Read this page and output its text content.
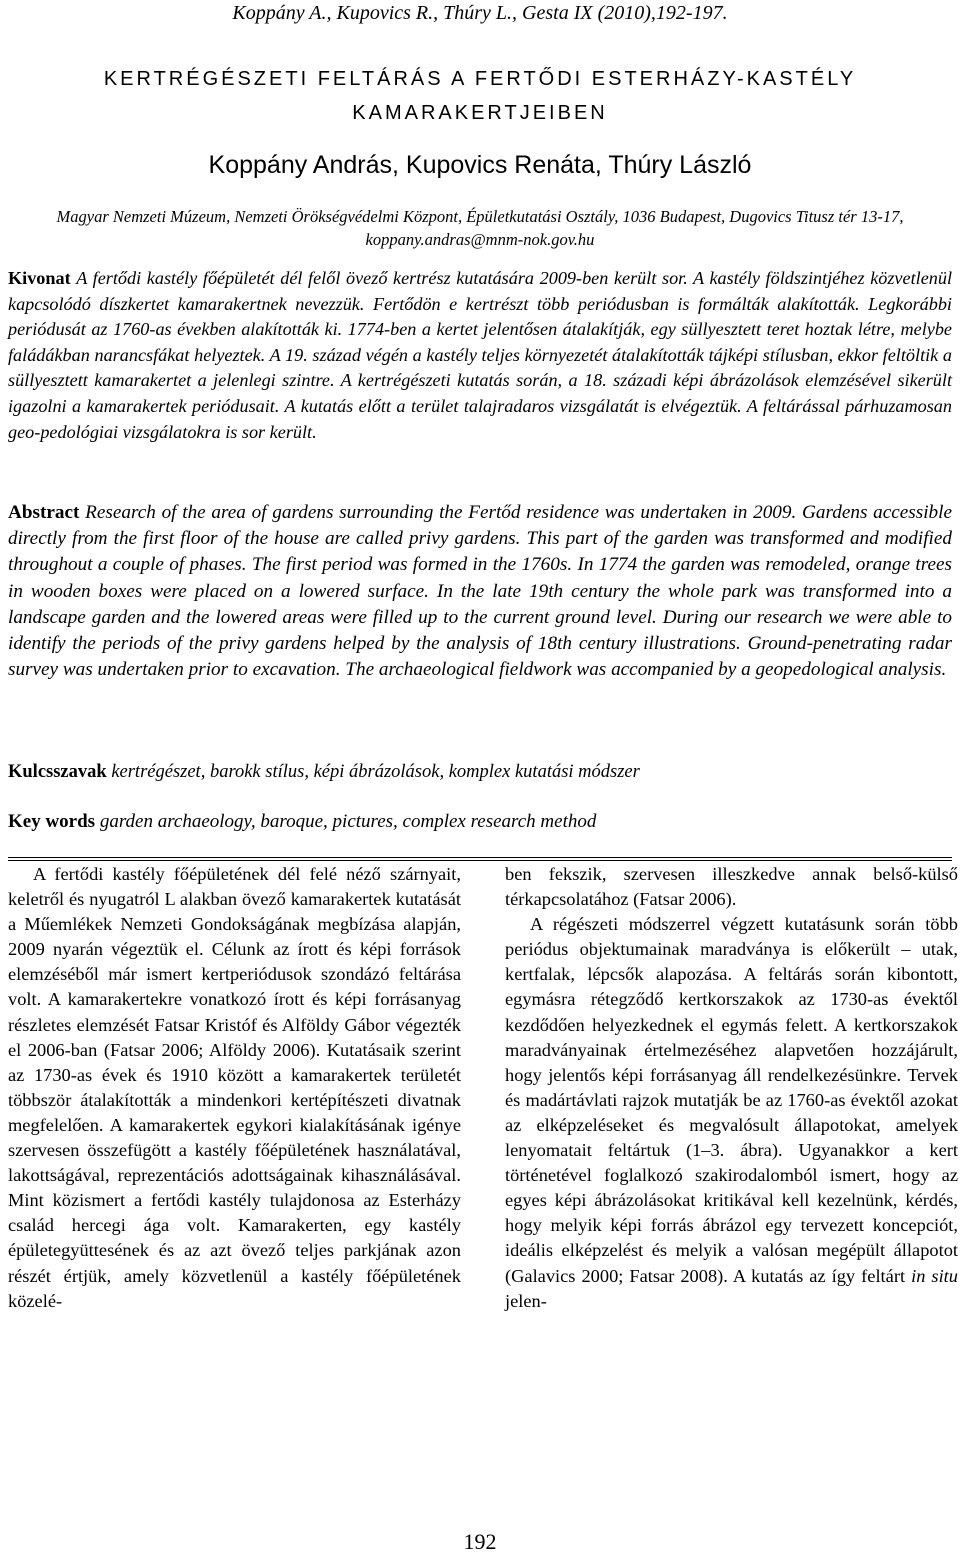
Koppány A., Kupovics R., Thúry L., Gesta IX (2010),192-197.
KERTRÉGÉSZETI FELTÁRÁS A FERTŐDI ESTERHÁZY-KASTÉLY
KAMARAKERTJEIBEN
Koppány András, Kupovics Renáta, Thúry László
Magyar Nemzeti Múzeum, Nemzeti Örökségvédelmi Központ, Épületkutatási Osztály, 1036 Budapest, Dugovics Titusz tér 13-17,
koppany.andras@mnm-nok.gov.hu
Kivonat A fertődi kastély főépületét dél felől övező kertrész kutatására 2009-ben került sor. A kastély földszintjéhez közvetlenül kapcsolódó díszkertet kamarakertnek nevezzük. Fertődön e kertrészt több periódusban is formálták alakították. Legkorábbi periódusát az 1760-as években alakították ki. 1774-ben a kertet jelentősen átalakítják, egy süllyesztett teret hoztak létre, melybe faládákban narancsfákat helyeztek. A 19. század végén a kastély teljes környezetét átalakították tájképi stílusban, ekkor feltöltik a süllyesztett kamarakertet a jelenlegi szintre. A kertrégészeti kutatás során, a 18. századi képi ábrázolások elemzésével sikerült igazolni a kamarakertek periódusait. A kutatás előtt a terület talajradaros vizsgálatát is elvégeztük. A feltárással párhuzamosan geo-pedológiai vizsgálatokra is sor került.
Abstract Research of the area of gardens surrounding the Fertőd residence was undertaken in 2009. Gardens accessible directly from the first floor of the house are called privy gardens. This part of the garden was transformed and modified throughout a couple of phases. The first period was formed in the 1760s. In 1774 the garden was remodeled, orange trees in wooden boxes were placed on a lowered surface. In the late 19th century the whole park was transformed into a landscape garden and the lowered areas were filled up to the current ground level. During our research we were able to identify the periods of the privy gardens helped by the analysis of 18th century illustrations. Ground-penetrating radar survey was undertaken prior to excavation. The archaeological fieldwork was accompanied by a geopedological analysis.
Kulcsszavak kertrégészet, barokk stílus, képi ábrázolások, komplex kutatási módszer
Key words garden archaeology, baroque, pictures, complex research method

A fertődi kastély főépületének dél felé néző szárnyait, keletről és nyugatról L alakban övező kamarakertek kutatását a Műemlékek Nemzeti Gondokságának megbízása alapján, 2009 nyarán végeztük el. Célunk az írott és képi források elemzéséből már ismert kertperiódusok szondázó feltárása volt. A kamarakertekre vonatkozó írott és képi forrásanyag részletes elemzését Fatsar Kristóf és Alföldy Gábor végezték el 2006-ban (Fatsar 2006; Alföldy 2006). Kutatásaik szerint az 1730-as évek és 1910 között a kamarakertek területét többször átalakították a mindenkori kertépítészeti divatnak megfelelően. A kamarakertek egykori kialakításának igénye szervesen összefügött a kastély főépületének használatával, lakottságával, reprezentációs adottságainak kihasználásával. Mint közismert a fertődi kastély tulajdonosa az Esterházy család hercegi ága volt. Kamarakerten, egy kastély épületegyüttesének és az azt övező teljes parkjának azon részét értjük, amely közvetlenül a kastély főépületének közelé-

ben fekszik, szervesen illeszkedve annak belső-külső térkapcsolatához (Fatsar 2006).

A régészeti módszerrel végzett kutatásunk során több periódus objektumainak maradványa is előkerült – utak, kertfalak, lépcsők alapozása. A feltárás során kibontott, egymásra rétegződő kertkorszakok az 1730-as évektől kezdődően helyezkednek el egymás felett. A kertkorszakok maradványainak értelmezéséhez alapvetően hozzájárult, hogy jelentős képi forrásanyag áll rendelkezésünkre. Tervek és madártávlati rajzok mutatják be az 1760-as évektől azokat az elképzeléseket és megvalósult állapotokat, amelyek lenyomatait feltártuk (1–3. ábra). Ugyanakkor a kert történetével foglalkozó szakirodalomból ismert, hogy az egyes képi ábrázolásokat kritikával kell kezelnünk, kérdés, hogy melyik képi forrás ábrázol egy tervezett koncepciót, ideális elképzelést és melyik a valósan megépült állapotot (Galavics 2000; Fatsar 2008). A kutatás az így feltárt in situ jelen-

192
